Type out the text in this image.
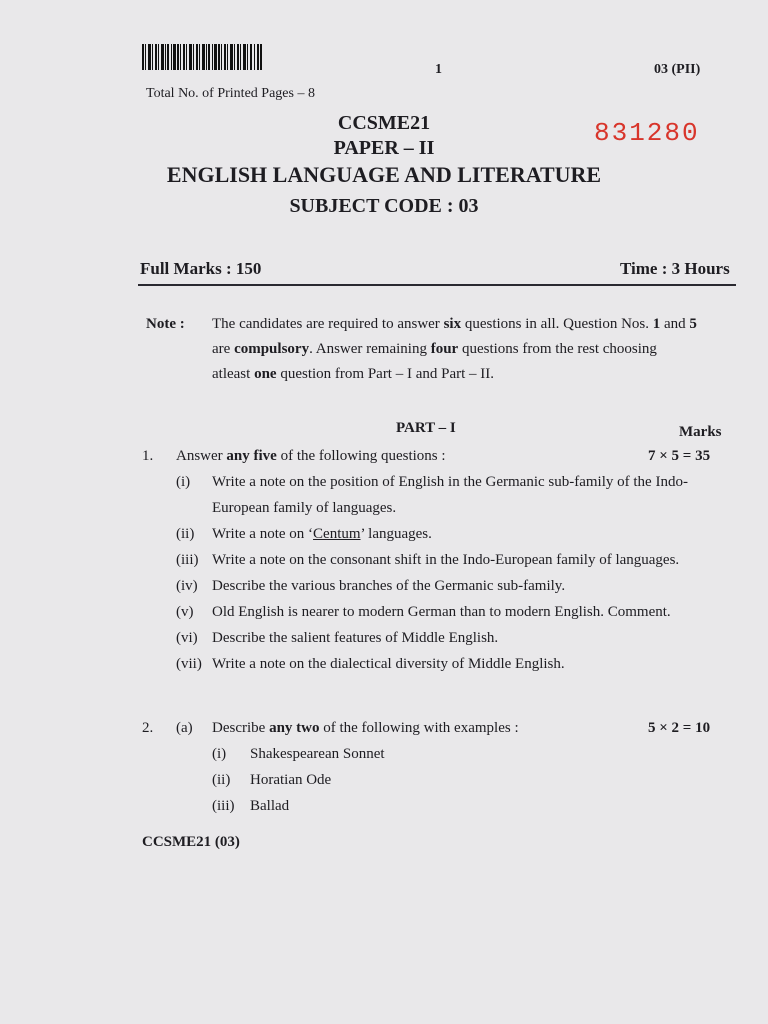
1	03 (PII)
Total No. of Printed Pages – 8
CCSME21	831280
PAPER – II
ENGLISH LANGUAGE AND LITERATURE
SUBJECT CODE : 03
Full Marks : 150	Time : 3 Hours
Note : The candidates are required to answer six questions in all. Question Nos. 1 and 5
are compulsory. Answer remaining four questions from the rest choosing
atleast one question from Part – I and Part – II.

PART – I	Marks
1. Answer any five of the following questions :	7 × 5 = 35
(i) Write a note on the position of English in the Germanic sub-family of the Indo-
European family of languages.
(ii) Write a note on ‘Centum’ languages.
(iii) Write a note on the consonant shift in the Indo-European family of languages.
(iv) Describe the various branches of the Germanic sub-family.
(v) Old English is nearer to modern German than to modern English. Comment.
(vi) Describe the salient features of Middle English.
(vii) Write a note on the dialectical diversity of Middle English.
2. (a) Describe any two of the following with examples :	5 × 2 = 10
(i) Shakespearean Sonnet
(ii) Horatian Ode
(iii) Ballad
CCSME21 (03)
